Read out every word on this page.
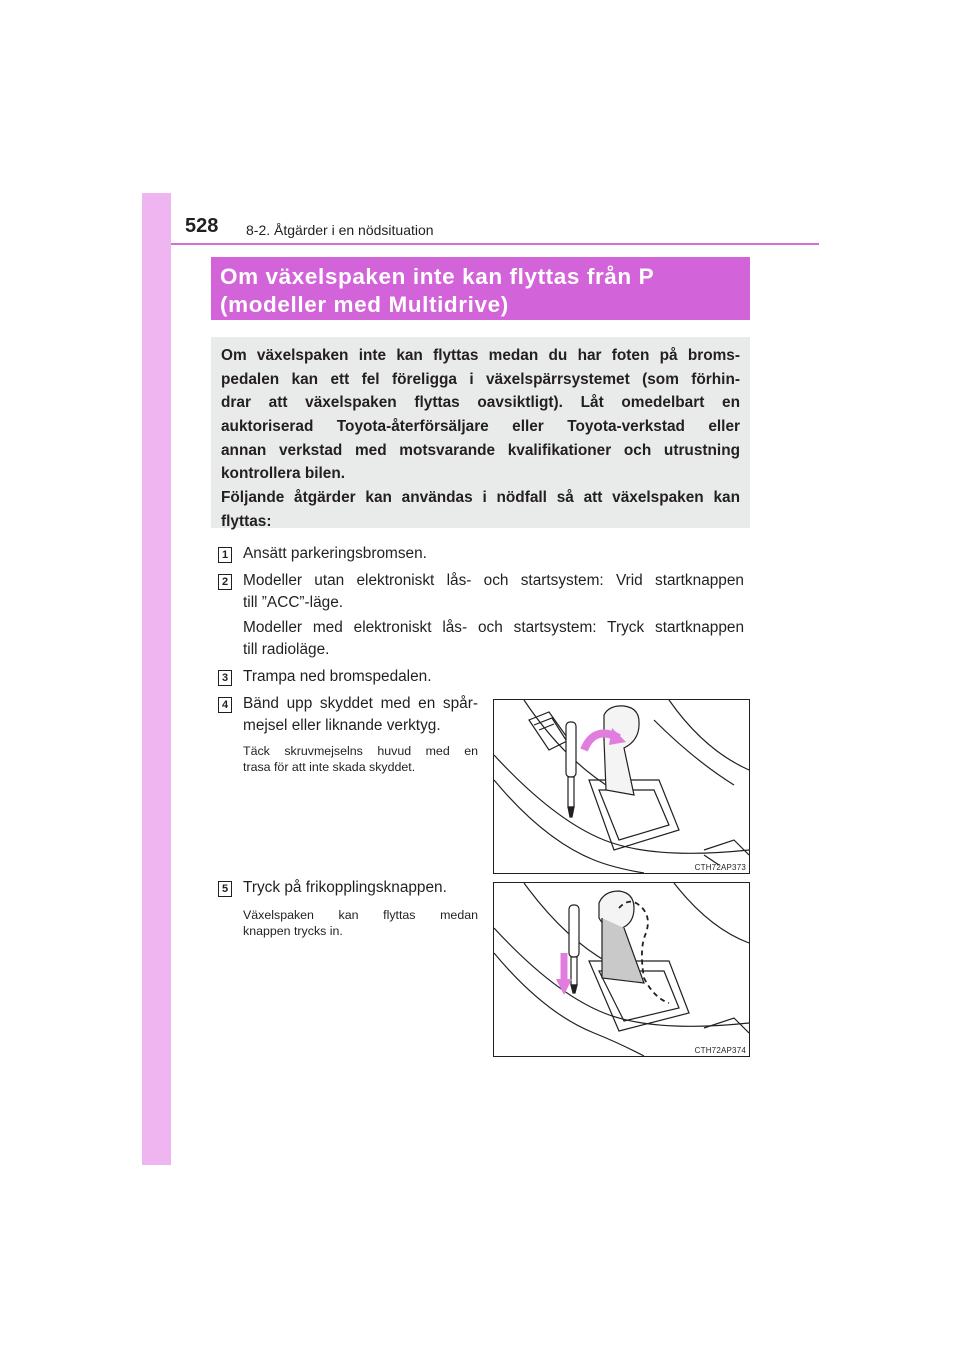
528 8-2. Åtgärder i en nödsituation
Om växelspaken inte kan flyttas från P
(modeller med Multidrive)
Om växelspaken inte kan flyttas medan du har foten på broms-
pedalen kan ett fel föreligga i växelspärrsystemet (som förhin-
drar att växelspaken flyttas oavsiktligt). Låt omedelbart en
auktoriserad Toyota-återförsäljare eller Toyota-verkstad eller
annan verkstad med motsvarande kvalifikationer och utrustning
kontrollera bilen.
Följande åtgärder kan användas i nödfall så att växelspaken kan
flyttas:
1 Ansätt parkeringsbromsen.
2 Modeller utan elektroniskt lås- och startsystem: Vrid startknappen
till ”ACC”-läge.
Modeller med elektroniskt lås- och startsystem: Tryck startknappen
till radioläge.
3 Trampa ned bromspedalen.
4 Bänd upp skyddet med en spår-
mejsel eller liknande verktyg.
Täck skruvmejselns huvud med en
trasa för att inte skada skyddet.
CTH72AP373
5 Tryck på frikopplingsknappen.
Växelspaken kan flyttas medan
knappen trycks in.
CTH72AP374
